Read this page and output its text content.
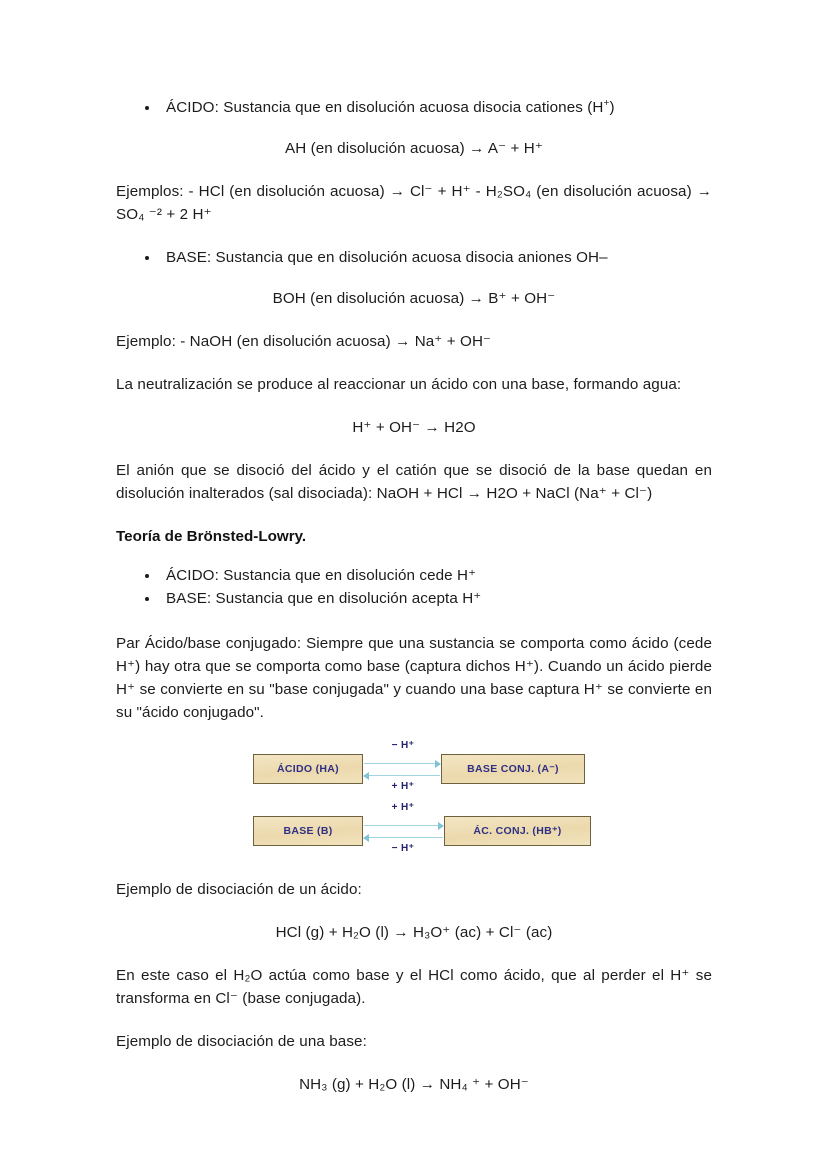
ÁCIDO: Sustancia que en disolución acuosa disocia cationes (H+)

AH (en disolución acuosa) → A⁻ + H⁺

Ejemplos: - HCl (en disolución acuosa) → Cl⁻ + H⁺ - H₂SO₄ (en disolución acuosa) → SO₄ ⁻² + 2 H⁺

BASE: Sustancia que en disolución acuosa disocia aniones OH–

BOH (en disolución acuosa) → B⁺ + OH⁻

Ejemplo: - NaOH (en disolución acuosa) → Na⁺ + OH⁻

La neutralización se produce al reaccionar un ácido con una base, formando agua:

H⁺ + OH⁻ → H2O

El anión que se disoció del ácido y el catión que se disoció de la base quedan en disolución inalterados (sal disociada): NaOH + HCl → H2O + NaCl (Na⁺ + Cl⁻)

Teoría de Brönsted-Lowry.

ÁCIDO: Sustancia que en disolución cede H⁺
BASE: Sustancia que en disolución acepta H⁺

Par Ácido/base conjugado: Siempre que una sustancia se comporta como ácido (cede H⁺) hay otra que se comporta como base (captura dichos H⁺). Cuando un ácido pierde H⁺ se convierte en su "base conjugada" y cuando una base captura H⁺ se convierte en su "ácido conjugado".

ÁCIDO (HA)
− H⁺
+ H⁺
BASE CONJ. (A⁻)
BASE (B)
+ H⁺
− H⁺
ÁC. CONJ. (HB⁺)

Ejemplo de disociación de un ácido:

HCl (g) + H₂O (l) → H₃O⁺ (ac) + Cl⁻ (ac)

En este caso el H₂O actúa como base y el HCl como ácido, que al perder el H⁺ se transforma en Cl⁻ (base conjugada).

Ejemplo de disociación de una base:

NH₃ (g) + H₂O (l) → NH₄ ⁺ + OH⁻
